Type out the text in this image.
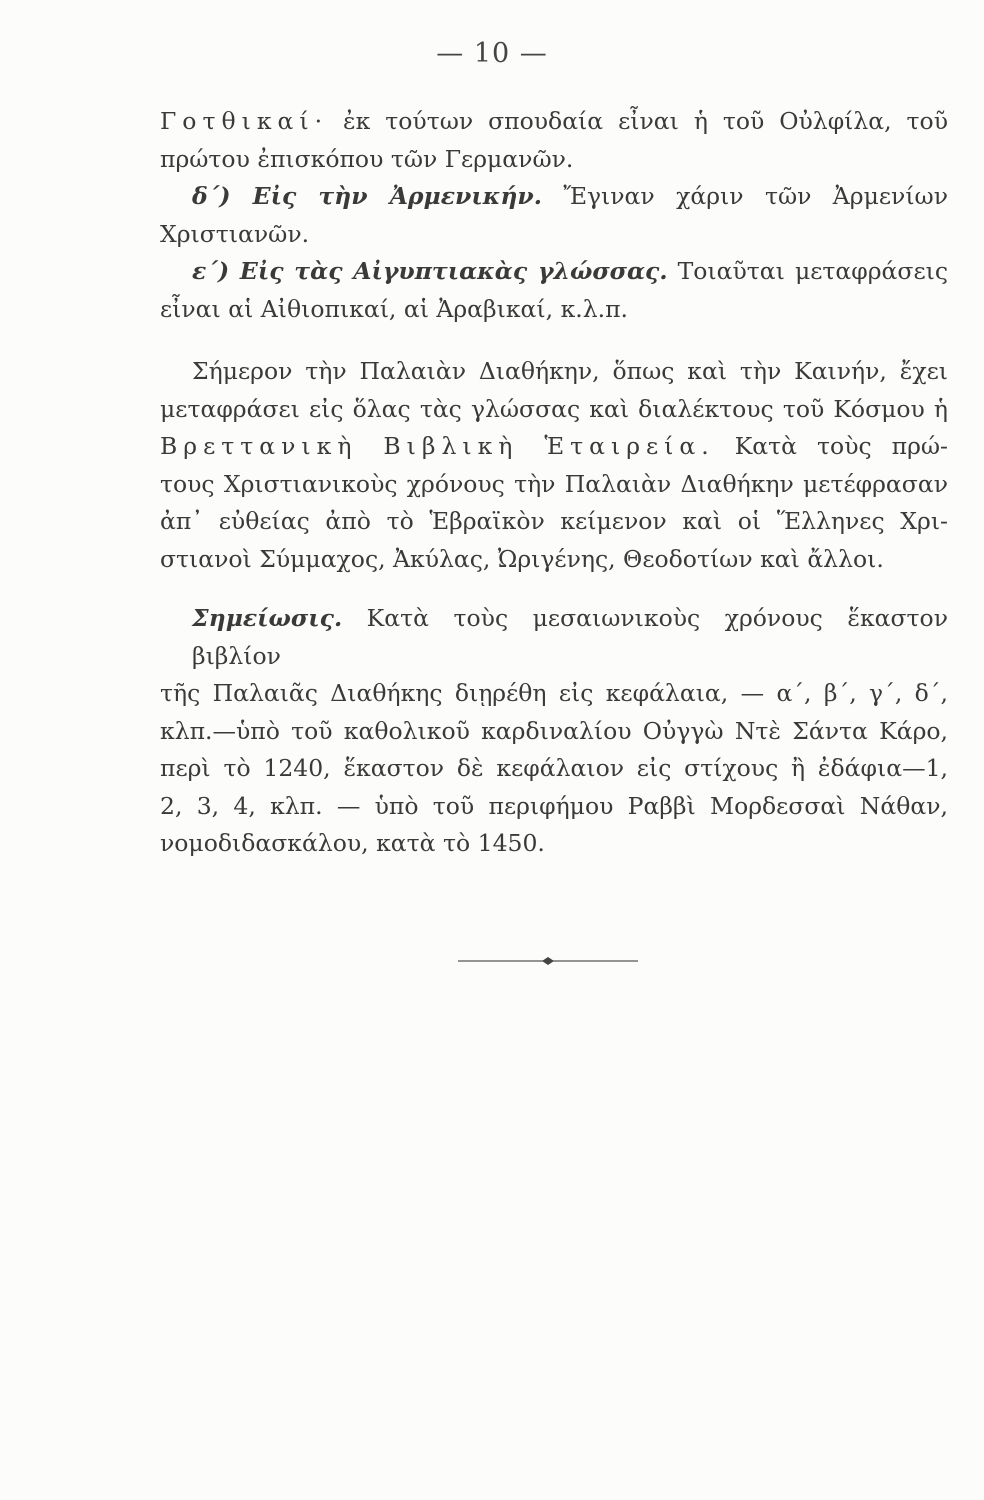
— 10 —
Γοτθικαί· ἐκ τούτων σπουδαία εἶναι ἡ τοῦ Οὐλφίλα, τοῦ
πρώτου ἐπισκόπου τῶν Γερμανῶν.
δ΄) Εἰς τὴν Ἀρμενικήν. Ἔγιναν χάριν τῶν Ἀρμενίων
Χριστιανῶν.
ε΄) Εἰς τὰς Αἰγυπτιακὰς γλώσσας. Τοιαῦται μεταφράσεις
εἶναι αἱ Αἰθιοπικαί, αἱ Ἀραβικαί, κ.λ.π.
Σήμερον τὴν Παλαιὰν Διαθήκην, ὅπως καὶ τὴν Καινήν, ἔχει
μεταφράσει εἰς ὅλας τὰς γλώσσας καὶ διαλέκτους τοῦ Κόσμου ἡ
Βρεττανικὴ Βιβλικὴ Ἑταιρεία. Κατὰ τοὺς πρώ-
τους Χριστιανικοὺς χρόνους τὴν Παλαιὰν Διαθήκην μετέφρασαν
ἀπ᾿ εὐθείας ἀπὸ τὸ Ἑβραϊκὸν κείμενον καὶ οἱ Ἕλληνες Χρι-
στιανοὶ Σύμμαχος, Ἀκύλας, Ὠριγένης, Θεοδοτίων καὶ ἄλλοι.
Σημείωσις. Κατὰ τοὺς μεσαιωνικοὺς χρόνους ἕκαστον βιβλίον
τῆς Παλαιᾶς Διαθήκης διῃρέθη εἰς κεφάλαια, — α΄, β΄, γ΄, δ΄,
κλπ.—ὑπὸ τοῦ καθολικοῦ καρδιναλίου Οὐγγὼ Ντὲ Σάντα Κάρο,
περὶ τὸ 1240, ἕκαστον δὲ κεφάλαιον εἰς στίχους ἢ ἐδάφια—1,
2, 3, 4, κλπ. — ὑπὸ τοῦ περιφήμου Ραββὶ Μορδεσσαὶ Νάθαν,
νομοδιδασκάλου, κατὰ τὸ 1450.
